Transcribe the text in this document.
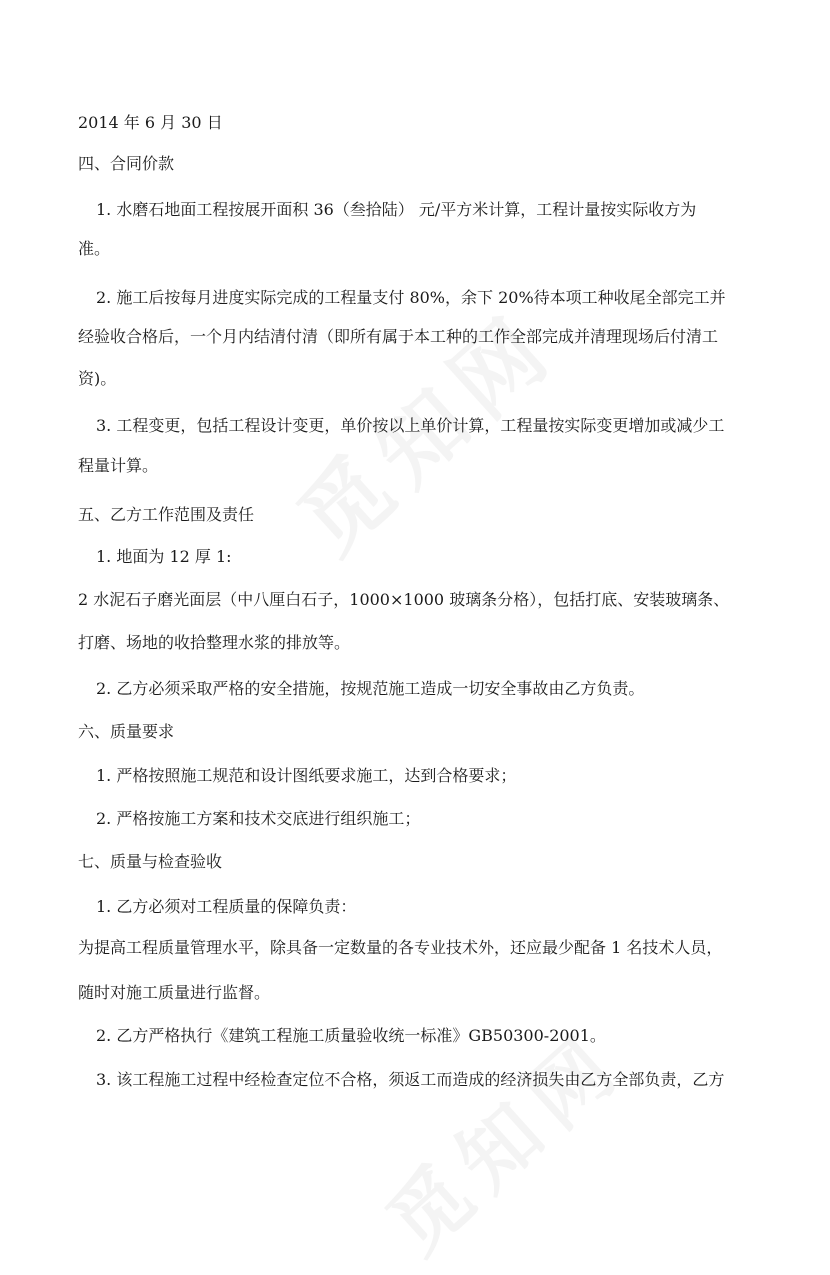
2014 年 6 月 30 日
四、合同价款
1. 水磨石地面工程按展开面积 36（叁拾陆） 元/平方米计算，工程计量按实际收方为
准。
2. 施工后按每月进度实际完成的工程量支付 80%，余下 20%待本项工种收尾全部完工并
经验收合格后，一个月内结清付清（即所有属于本工种的工作全部完成并清理现场后付清工
资)。
3. 工程变更，包括工程设计变更，单价按以上单价计算，工程量按实际变更增加或减少工
程量计算。
五、乙方工作范围及责任
1. 地面为 12 厚 1:
2 水泥石子磨光面层（中八厘白石子，1000×1000 玻璃条分格），包括打底、安装玻璃条、
打磨、场地的收拾整理水浆的排放等。
2. 乙方必须采取严格的安全措施，按规范施工造成一切安全事故由乙方负责。
六、质量要求
1. 严格按照施工规范和设计图纸要求施工，达到合格要求；
2. 严格按施工方案和技术交底进行组织施工；
七、质量与检查验收
1. 乙方必须对工程质量的保障负责：
为提高工程质量管理水平，除具备一定数量的各专业技术外，还应最少配备 1 名技术人员，
随时对施工质量进行监督。
2. 乙方严格执行《建筑工程施工质量验收统一标准》GB50300-2001。
3. 该工程施工过程中经检查定位不合格，须返工而造成的经济损失由乙方全部负责，乙方
